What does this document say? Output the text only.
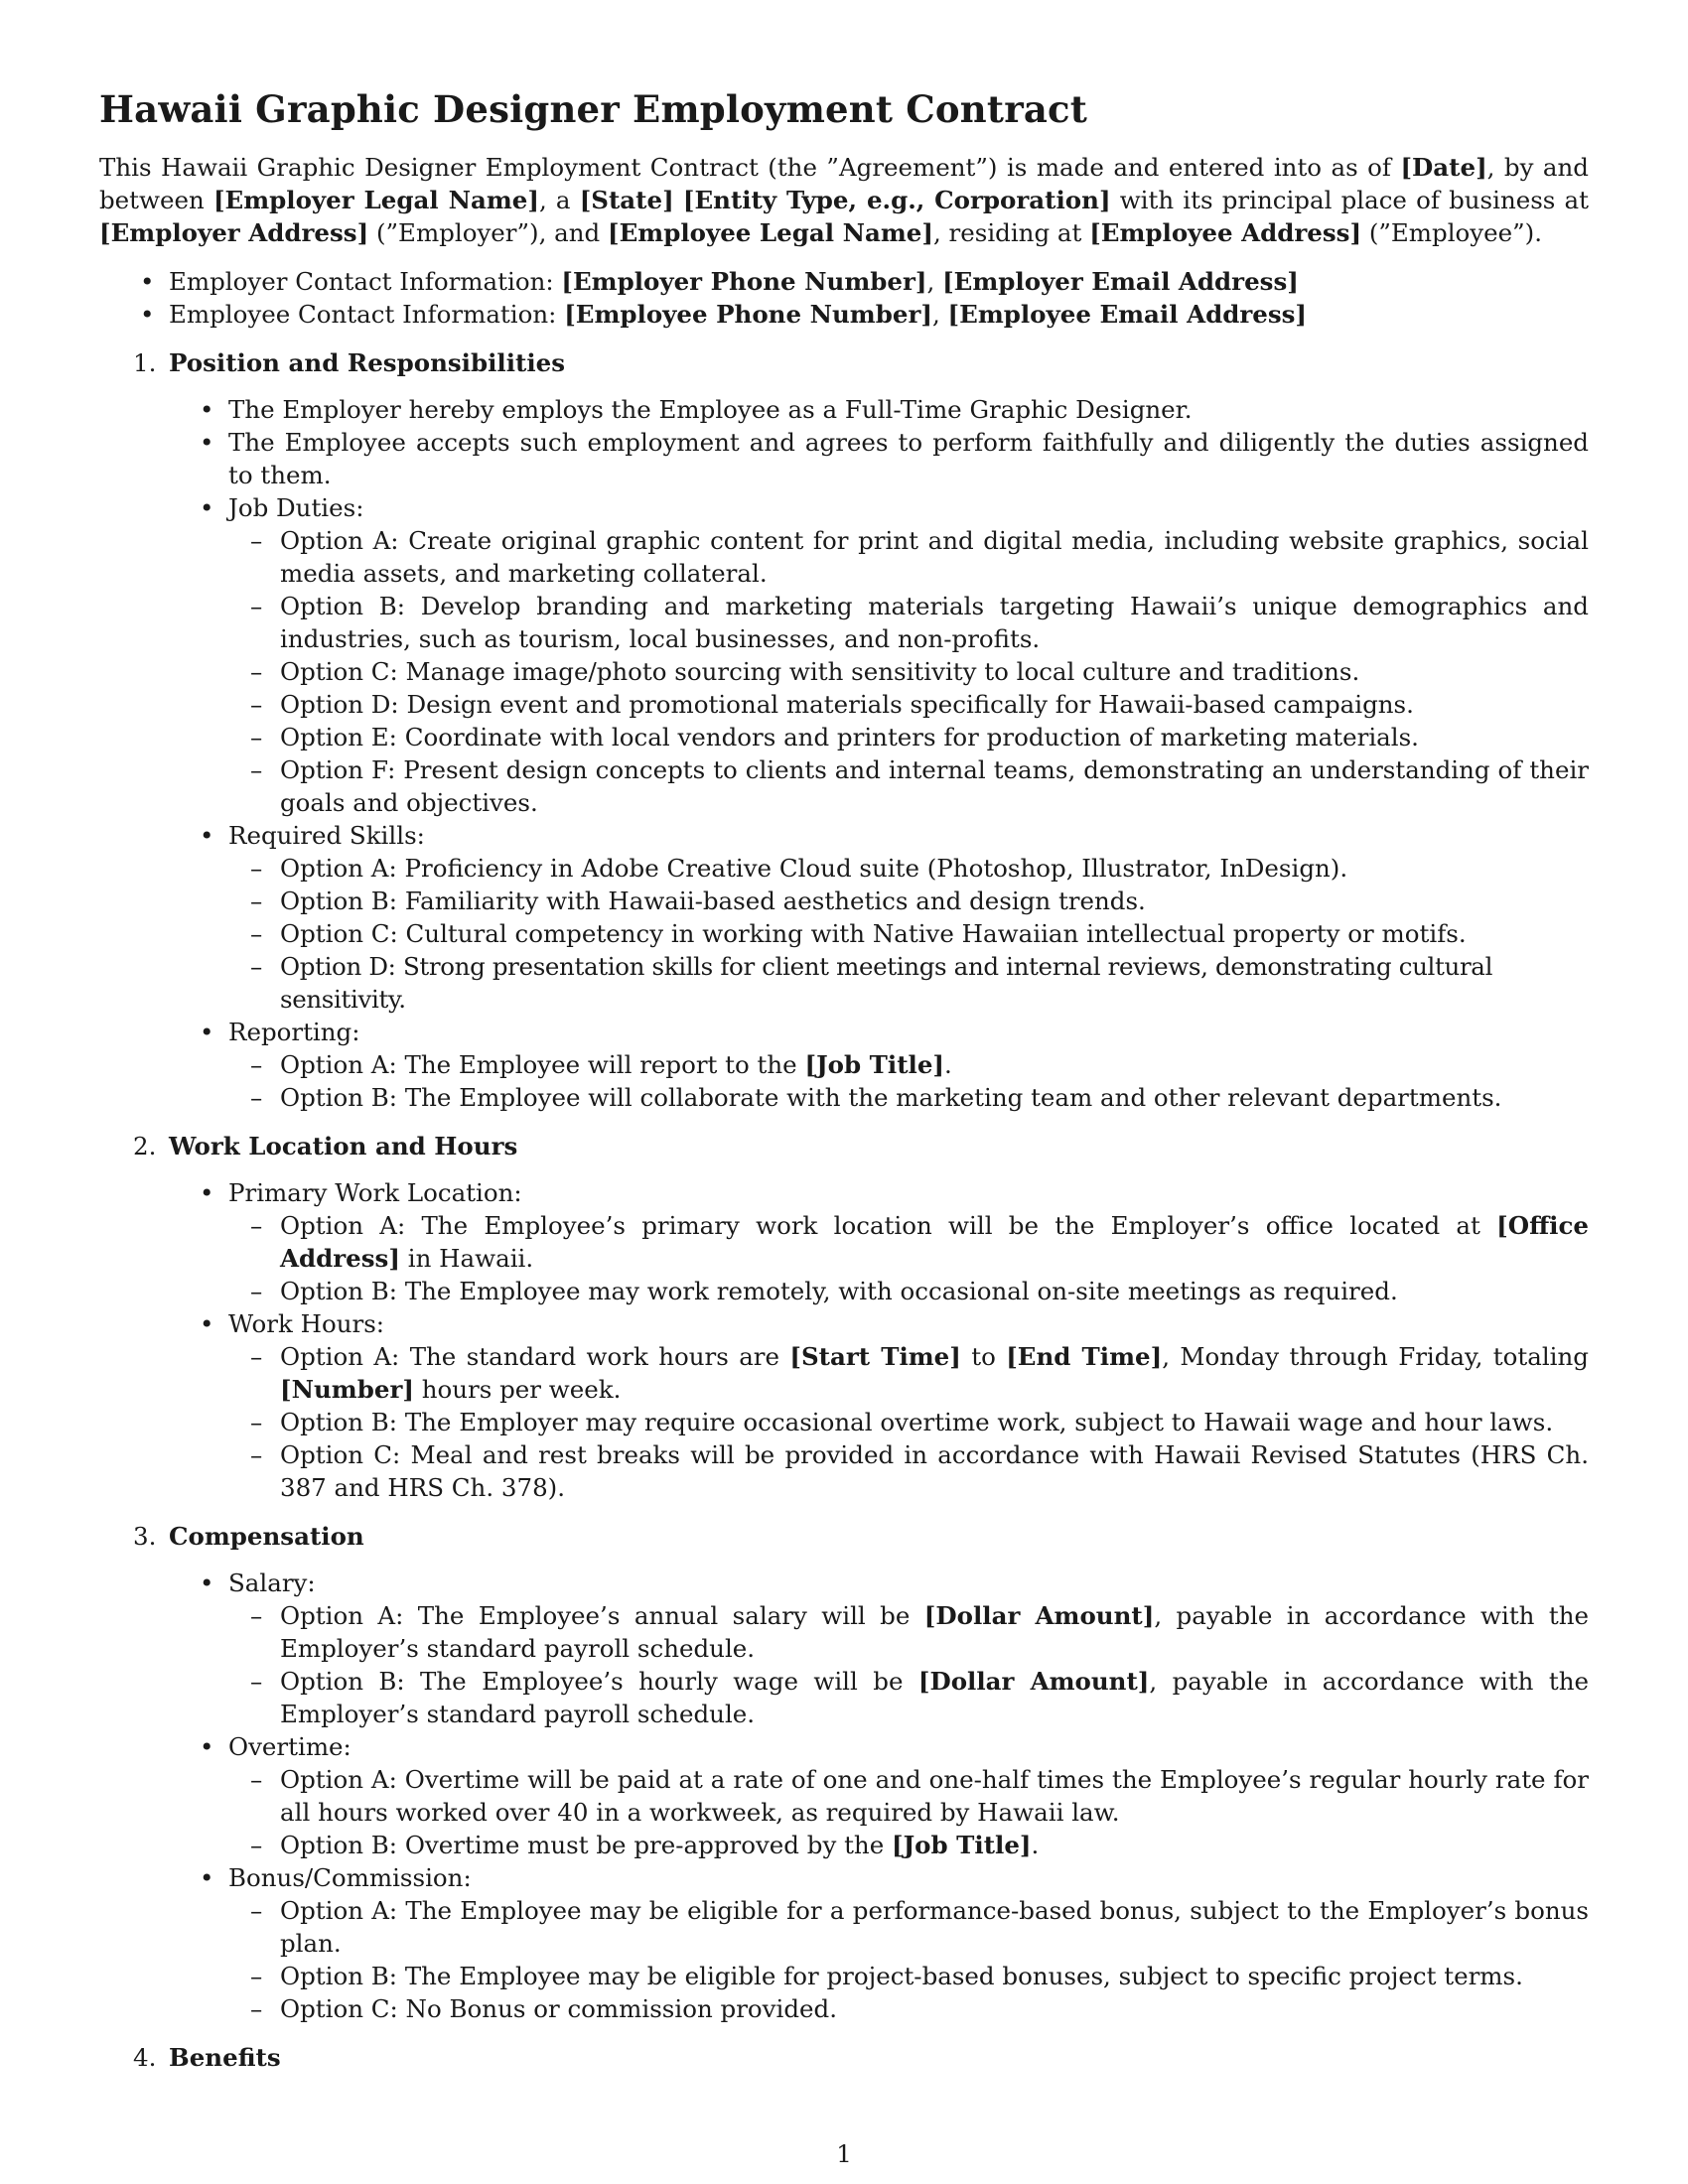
Hawaii Graphic Designer Employment Contract

This Hawaii Graphic Designer Employment Contract (the ”Agreement”) is made and entered into as of [Date], by and between [Employer Legal Name], a [State] [Entity Type, e.g., Corporation] with its principal place of business at [Employer Address] (”Employer”), and [Employee Legal Name], residing at [Employee Address] (”Employee”).

• Employer Contact Information: [Employer Phone Number], [Employer Email Address]
• Employee Contact Information: [Employee Phone Number], [Employee Email Address]
1. Position and Responsibilities
• The Employer hereby employs the Employee as a Full-Time Graphic Designer.
• The Employee accepts such employment and agrees to perform faithfully and diligently the duties assigned to them.
• Job Duties:
– Option A: Create original graphic content for print and digital media, including website graphics, social media assets, and marketing collateral.
– Option B: Develop branding and marketing materials targeting Hawaii’s unique demographics and industries, such as tourism, local businesses, and non-profits.
– Option C: Manage image/photo sourcing with sensitivity to local culture and traditions.
– Option D: Design event and promotional materials specifically for Hawaii-based campaigns.
– Option E: Coordinate with local vendors and printers for production of marketing materials.
– Option F: Present design concepts to clients and internal teams, demonstrating an understanding of their goals and objectives.
• Required Skills:
– Option A: Proficiency in Adobe Creative Cloud suite (Photoshop, Illustrator, InDesign).
– Option B: Familiarity with Hawaii-based aesthetics and design trends.
– Option C: Cultural competency in working with Native Hawaiian intellectual property or motifs.
– Option D: Strong presentation skills for client meetings and internal reviews, demonstrating cultural sensitivity.
• Reporting:
– Option A: The Employee will report to the [Job Title].
– Option B: The Employee will collaborate with the marketing team and other relevant departments.
2. Work Location and Hours
• Primary Work Location:
– Option A: The Employee’s primary work location will be the Employer’s office located at [Office Address] in Hawaii.
– Option B: The Employee may work remotely, with occasional on-site meetings as required.
• Work Hours:
– Option A: The standard work hours are [Start Time] to [End Time], Monday through Friday, totaling [Number] hours per week.
– Option B: The Employer may require occasional overtime work, subject to Hawaii wage and hour laws.
– Option C: Meal and rest breaks will be provided in accordance with Hawaii Revised Statutes (HRS Ch. 387 and HRS Ch. 378).
3. Compensation
• Salary:
– Option A: The Employee’s annual salary will be [Dollar Amount], payable in accordance with the Employer’s standard payroll schedule.
– Option B: The Employee’s hourly wage will be [Dollar Amount], payable in accordance with the Employer’s standard payroll schedule.
• Overtime:
– Option A: Overtime will be paid at a rate of one and one-half times the Employee’s regular hourly rate for all hours worked over 40 in a workweek, as required by Hawaii law.
– Option B: Overtime must be pre-approved by the [Job Title].
• Bonus/Commission:
– Option A: The Employee may be eligible for a performance-based bonus, subject to the Employer’s bonus plan.
– Option B: The Employee may be eligible for project-based bonuses, subject to specific project terms.
– Option C: No Bonus or commission provided.
4. Benefits
1
